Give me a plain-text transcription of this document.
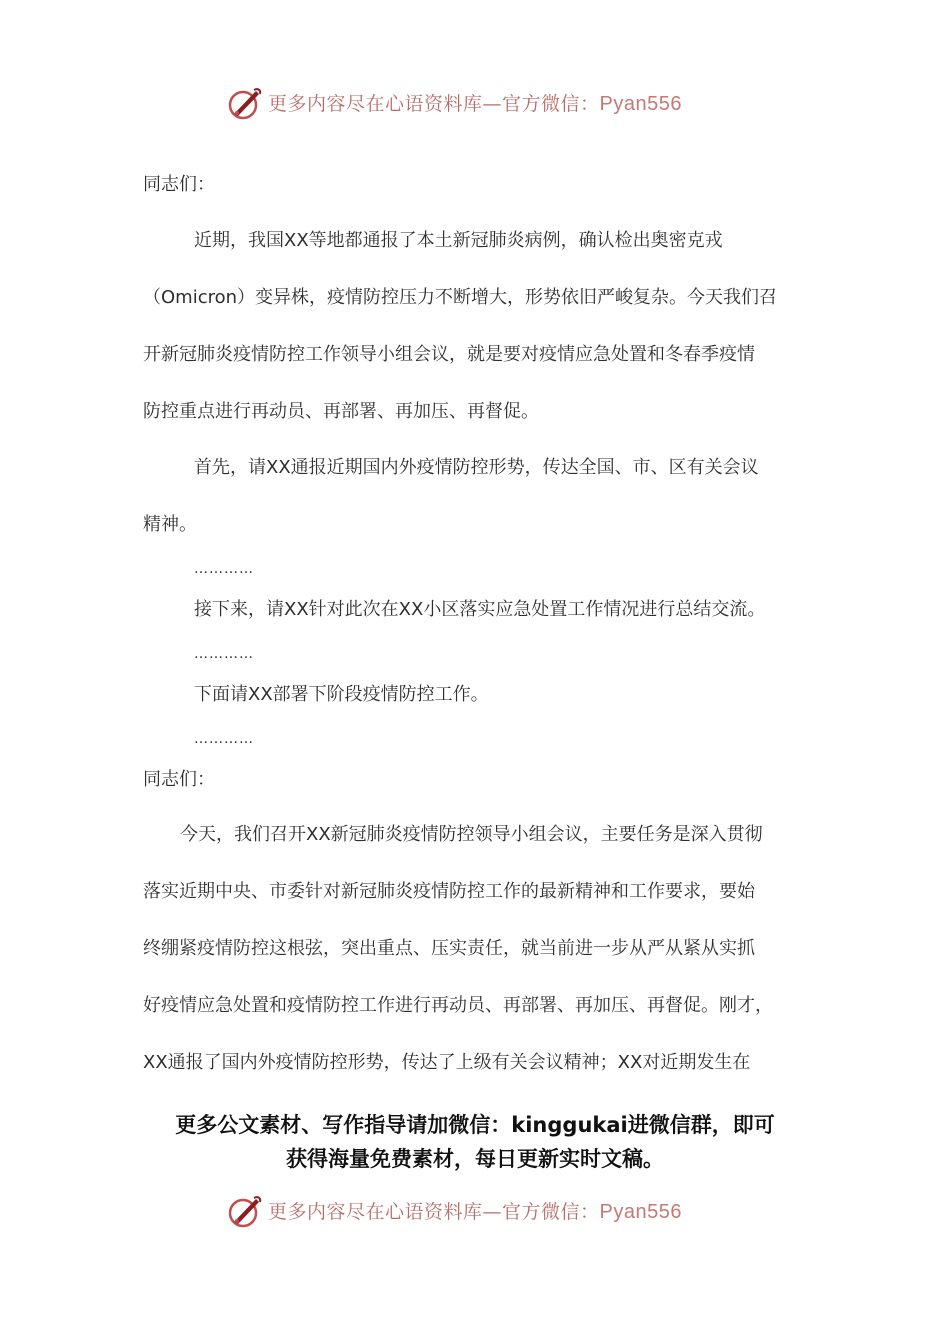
更多内容尽在心语资料库—官方微信：Pyan556
同志们：
近期，我国XX等地都通报了本土新冠肺炎病例，确认检出奥密克戎
（Omicron）变异株，疫情防控压力不断增大，形势依旧严峻复杂。今天我们召
开新冠肺炎疫情防控工作领导小组会议，就是要对疫情应急处置和冬春季疫情
防控重点进行再动员、再部署、再加压、再督促。
首先，请XX通报近期国内外疫情防控形势，传达全国、市、区有关会议
精神。
…………
接下来，请XX针对此次在XX小区落实应急处置工作情况进行总结交流。
…………
下面请XX部署下阶段疫情防控工作。
…………
同志们：
今天，我们召开XX新冠肺炎疫情防控领导小组会议，主要任务是深入贯彻
落实近期中央、市委针对新冠肺炎疫情防控工作的最新精神和工作要求，要始
终绷紧疫情防控这根弦，突出重点、压实责任，就当前进一步从严从紧从实抓
好疫情应急处置和疫情防控工作进行再动员、再部署、再加压、再督促。刚才，
XX通报了国内外疫情防控形势，传达了上级有关会议精神；XX对近期发生在
更多公文素材、写作指导请加微信：kinggukai进微信群，即可
获得海量免费素材，每日更新实时文稿。
更多内容尽在心语资料库—官方微信：Pyan556
